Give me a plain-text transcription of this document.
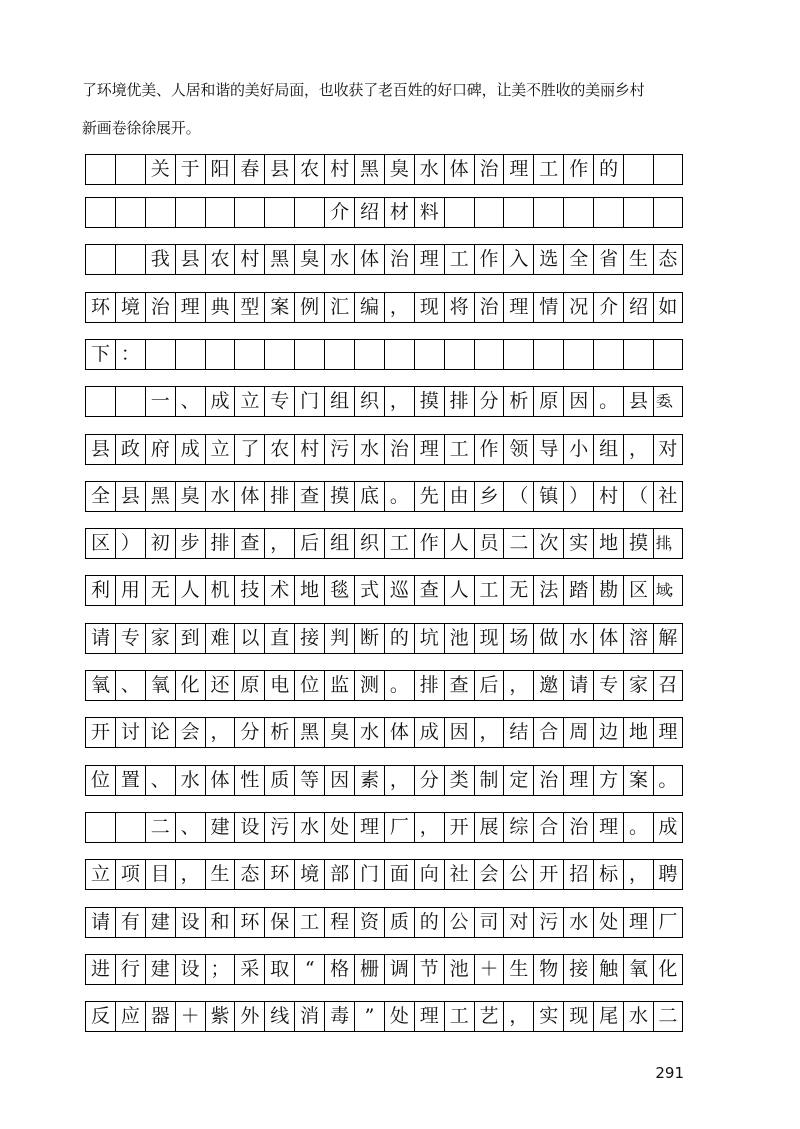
了环境优美、人居和谐的美好局面，也收获了老百姓的好口碑，让美不胜收的美丽乡村

新画卷徐徐展开。

关 于 阳 春 县 农 村 黑 臭 水 体 治 理 工 作 的
介 绍 材 料
我 县 农 村 黑 臭 水 体 治 理 工 作 入 选 全 省 生 态
环 境 治 理 典 型 案 例 汇 编 ， 现 将 治 理 情 况 介 绍 如
下 ：
一 、 成 立 专 门 组 织 ， 摸 排 分 析 原 因 。 县 委、
县 政 府 成 立 了 农 村 污 水 治 理 工 作 领 导 小 组 ， 对
全 县 黑 臭 水 体 排 查 摸 底 。 先 由 乡 （ 镇 ） 村 （ 社
区 ） 初 步 排 查 ， 后 组 织 工 作 人 员 二 次 实 地 摸 排，
利 用 无 人 机 技 术 地 毯 式 巡 查 人 工 无 法 踏 勘 区 域；
请 专 家 到 难 以 直 接 判 断 的 坑 池 现 场 做 水 体 溶 解
氧 、 氧 化 还 原 电 位 监 测 。 排 查 后 ， 邀 请 专 家 召
开 讨 论 会 ， 分 析 黑 臭 水 体 成 因 ， 结 合 周 边 地 理
位 置 、 水 体 性 质 等 因 素 ， 分 类 制 定 治 理 方 案 。
二 、 建 设 污 水 处 理 厂 ， 开 展 综 合 治 理 。 成
立 项 目 ， 生 态 环 境 部 门 面 向 社 会 公 开 招 标 ， 聘
请 有 建 设 和 环 保 工 程 资 质 的 公 司 对 污 水 处 理 厂
进 行 建 设 ； 采 取 “ 格 栅 调 节 池 ＋ 生 物 接 触 氧 化
反 应 器 ＋ 紫 外 线 消 毒 ” 处 理 工 艺 ， 实 现 尾 水 二
291
